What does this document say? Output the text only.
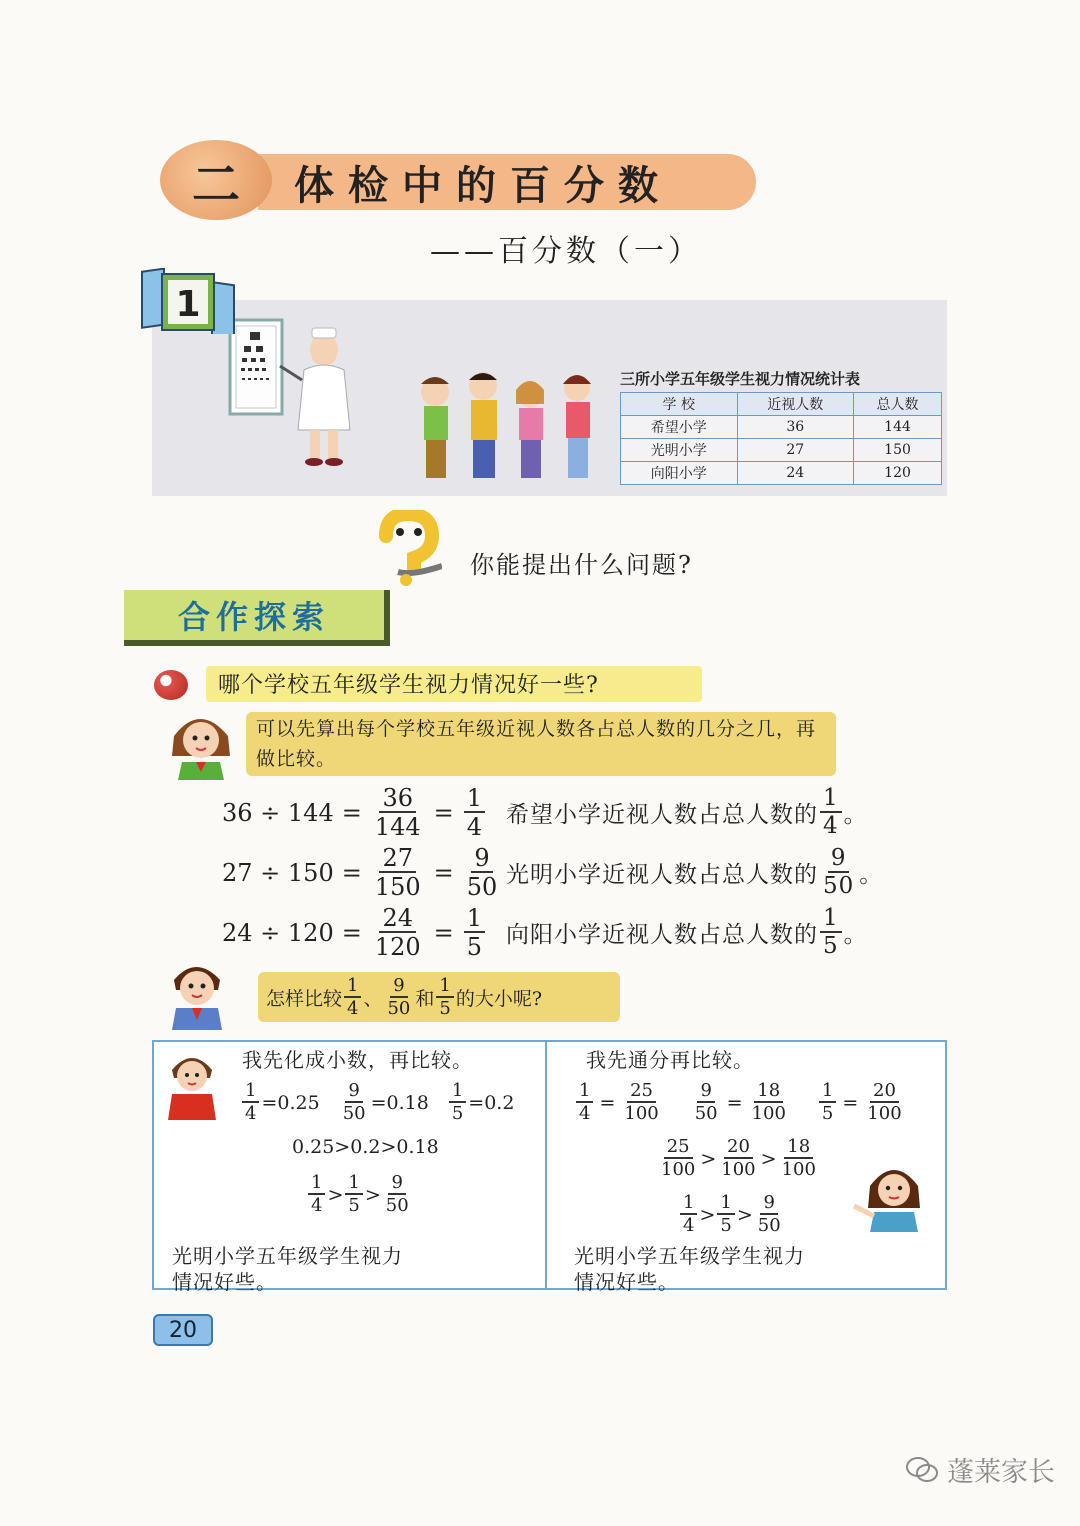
体检中的百分数
二
——百分数（一）
1
三所小学五年级学生视力情况统计表
学 校	近视人数	总人数
希望小学	36	144
光明小学	27	150
向阳小学	24	120
你能提出什么问题?
合作探索
哪个学校五年级学生视力情况好一些?
可以先算出每个学校五年级近视人数各占总人数的几分之几，再做比较。
$36 \div 144 = \frac{36}{144} = \frac{1}{4}$ 希望小学近视人数占总人数的 $\frac{1}{4}$ 。
$27 \div 150 = \frac{27}{150} = \frac{9}{50}$ 光明小学近视人数占总人数的 $\frac{9}{50}$ 。
$24 \div 120 = \frac{24}{120} = \frac{1}{5}$ 向阳小学近视人数占总人数的 $\frac{1}{5}$ 。
怎样比较 $\frac{1}{4}$ 、 $\frac{9}{50}$ 和 $\frac{1}{5}$ 的大小呢?
我先化成小数，再比较。
$\frac{1}{4} =0.25 \frac{9}{50} =0.18 \frac{1}{5} =0.2$
0.25>0.2>0.18
$\frac{1}{4} > \frac{1}{5} > \frac{9}{50}$
光明小学五年级学生视力
情况好些。
我先通分再比较。
$\frac{1}{4} = \frac{25}{100} \frac{9}{50} = \frac{18}{100} \frac{1}{5} = \frac{20}{100}$
$\frac{25}{100} > \frac{20}{100} > \frac{18}{100}$
$\frac{1}{4} > \frac{1}{5} > \frac{9}{50}$
光明小学五年级学生视力
情况好些。
20
蓬莱家长
